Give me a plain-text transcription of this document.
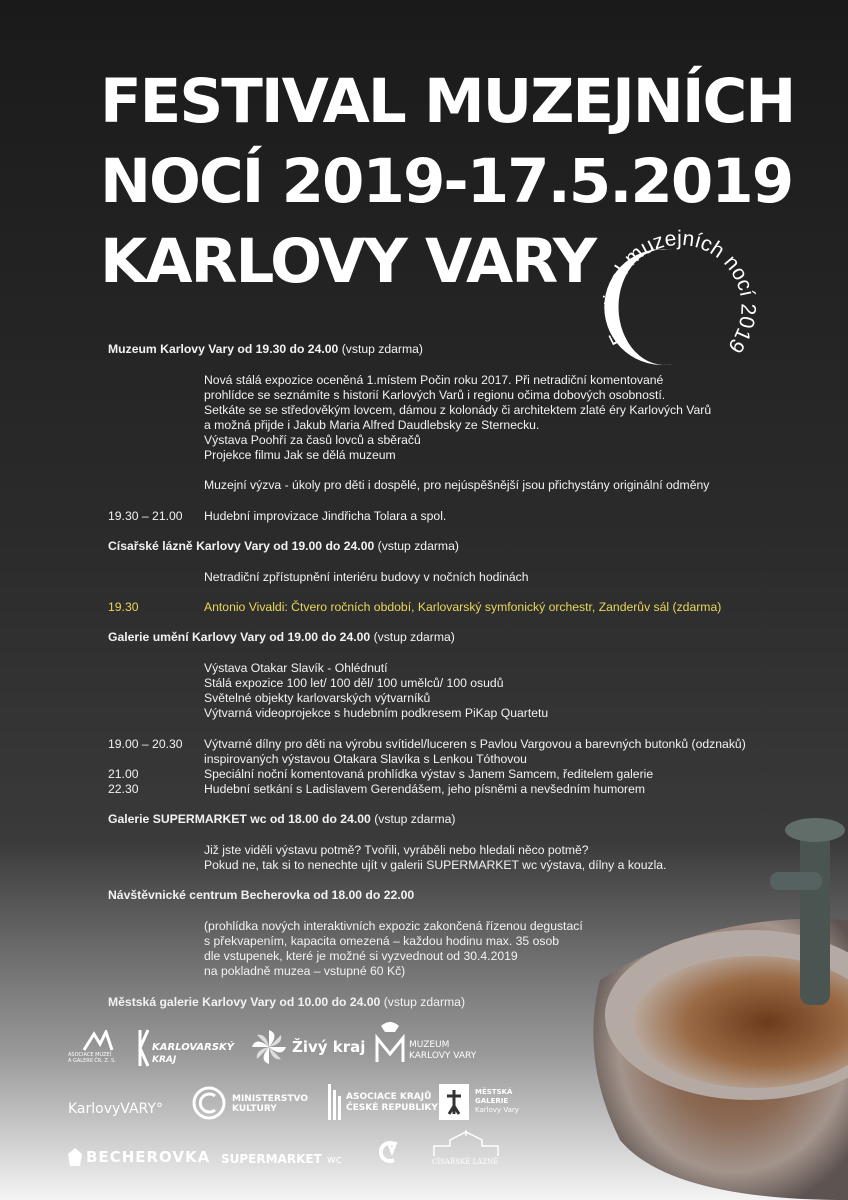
FESTIVAL MUZEJNÍCH
NOCÍ 2019-17.5.2019
KARLOVY VARY
Festival muzejních nocí 2019
Muzeum Karlovy Vary od 19.30 do 24.00 (vstup zdarma)
Nová stálá expozice oceněná 1.místem Počin roku 2017. Při netradiční komentované
prohlídce se seznámíte s historií Karlových Varů i regionu očima dobových osobností.
Setkáte se se středověkým lovcem, dámou z kolonády či architektem zlaté éry Karlových Varů
a možná přijde i Jakub Maria Alfred Daudlebsky ze Sternecku.
Výstava Poohří za časů lovců a sběračů
Projekce filmu Jak se dělá muzeum
Muzejní výzva - úkoly pro děti i dospělé, pro nejúspěšnější jsou přichystány originální odměny
19.30 – 21.00 Hudební improvizace Jindřicha Tolara a spol.
Císařské lázně Karlovy Vary od 19.00 do 24.00 (vstup zdarma)
Netradiční zpřístupnění interiéru budovy v nočních hodinách
19.30	Antonio Vivaldi: Čtvero ročních období, Karlovarský symfonický orchestr, Zanderův sál (zdarma)
Galerie umění Karlovy Vary od 19.00 do 24.00 (vstup zdarma)
Výstava Otakar Slavík - Ohlédnutí
Stálá expozice 100 let/ 100 děl/ 100 umělců/ 100 osudů
Světelné objekty karlovarských výtvarníků
Výtvarná videoprojekce s hudebním podkresem PiKap Quartetu
19.00 – 20.30 Výtvarné dílny pro děti na výrobu svítidel/luceren s Pavlou Vargovou a barevných butonků (odznaků)
inspirovaných výstavou Otakara Slavíka s Lenkou Tóthovou
21.00	Speciální noční komentovaná prohlídka výstav s Janem Samcem, ředitelem galerie
22.30	Hudební setkání s Ladislavem Gerendášem, jeho písněmi a nevšedním humorem
Galerie SUPERMARKET wc od 18.00 do 24.00 (vstup zdarma)
Již jste viděli výstavu potmě? Tvořili, vyráběli nebo hledali něco potmě?
Pokud ne, tak si to nenechte ujít v galerii SUPERMARKET wc výstava, dílny a kouzla.
Návštěvnické centrum Becherovka od 18.00 do 22.00
(prohlídka nových interaktivních expozic zakončená řízenou degustací
s překvapením, kapacita omezená – každou hodinu max. 35 osob
dle vstupenek, které je možné si vyzvednout od 30.4.2019
na pokladně muzea – vstupné 60 Kč)
Městská galerie Karlovy Vary od 10.00 do 24.00 (vstup zdarma)
ASOCIACE MUZEÍ
A GALERIÍ ČR, Z. S.
KARLOVARSKÝ
KRAJ
Živý kraj	MUZEUM
KARLOVY VARY
KarlovyVARY°
MINISTERSTVO
KULTURY
ASOCIACE KRAJŮ
ČESKÉ REPUBLIKY
MĚSTSKÁ
GALERIE
Karlovy Vary
BECHEROVKA SUPERMARKET wc	CÍSAŘSKÉ LÁZNĚ
